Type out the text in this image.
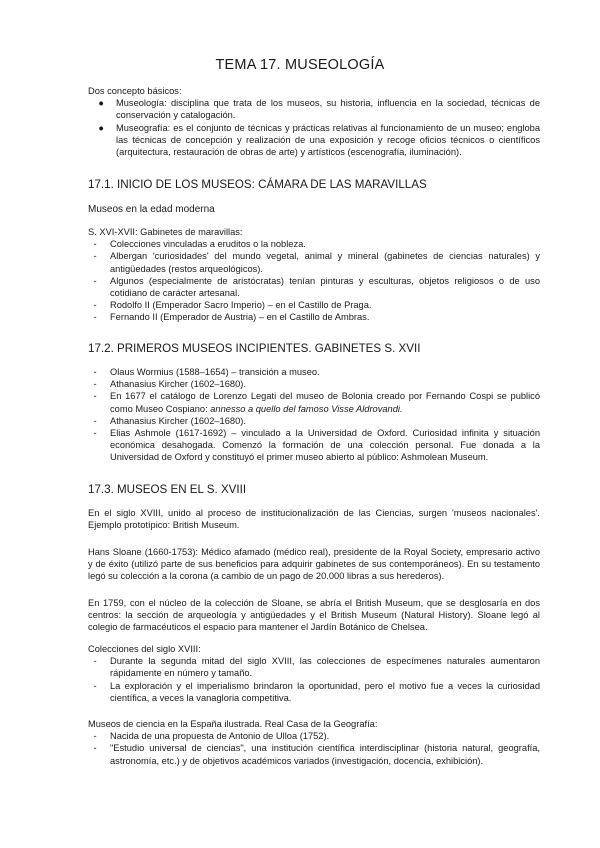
TEMA 17. MUSEOLOGÍA

Dos concepto básicos:

●	Museología: disciplina que trata de los museos, su historia, influencia en la sociedad, técnicas de conservación y catalogación.
●	Museografía: es el conjunto de técnicas y prácticas relativas al funcionamiento de un museo; engloba las técnicas de concepción y realización de una exposición y recoge oficios técnicos o científicos (arquitectura, restauración de obras de arte) y artísticos (escenografía, iluminación).
17.1. INICIO DE LOS MUSEOS: CÁMARA DE LAS MARAVILLAS
Museos en la edad moderna

S. XVI-XVII: Gabinetes de maravillas:

-	Colecciones vinculadas a eruditos o la nobleza.
-	Albergan 'curiosidades' del mundo vegetal, animal y mineral (gabinetes de ciencias naturales) y antigüedades (restos arqueológicos).
-	Algunos (especialmente de aristócratas) tenían pinturas y esculturas, objetos religiosos o de uso cotidiano de carácter artesanal.
-	Rodolfo II (Emperador Sacro Imperio) – en el Castillo de Praga.
-	Fernando II (Emperador de Austria) – en el Castillo de Ambras.
17.2. PRIMEROS MUSEOS INCIPIENTES. GABINETES S. XVII
-	Olaus Wormius (1588–1654) – transición a museo.
-	Athanasius Kircher (1602–1680).
-	En 1677 el catálogo de Lorenzo Legati del museo de Bolonia creado por Fernando Cospi se publicó como Museo Cospiano: annesso a quello del famoso Visse Aldrovandi.
-	Athanasius Kircher (1602–1680).
-	Elias Ashmole (1617-1692) – vinculado a la Universidad de Oxford. Curiosidad infinita y situación económica desahogada. Comenzó la formación de una colección personal. Fue donada a la Universidad de Oxford y constituyó el primer museo abierto al público: Ashmolean Museum.
17.3. MUSEOS EN EL S. XVIII
En el siglo XVIII, unido al proceso de institucionalización de las Ciencias, surgen 'museos nacionales'. Ejemplo prototípico: British Museum.
Hans Sloane (1660-1753): Médico afamado (médico real), presidente de la Royal Society, empresario activo y de éxito (utilizó parte de sus beneficios para adquirir gabinetes de sus contemporáneos). En su testamento legó su colección a la corona (a cambio de un pago de 20.000 libras a sus herederos).
En 1759, con el núcleo de la colección de Sloane, se abría el British Museum, que se desglosaría en dos centros: la sección de arqueología y antigüedades y el British Museum (Natural History). Sloane legó al colegio de farmacéuticos el espacio para mantener el Jardín Botánico de Chelsea.

Colecciones del siglo XVIII:

-	Durante la segunda mitad del siglo XVIII, las colecciones de especímenes naturales aumentaron rápidamente en número y tamaño.
-	La exploración y el imperialismo brindaron la oportunidad, pero el motivo fue a veces la curiosidad científica, a veces la vanagloria competitiva.

Museos de ciencia en la España ilustrada. Real Casa de la Geografía:

-	Nacida de una propuesta de Antonio de Ulloa (1752).
-	"Estudio universal de ciencias", una institución científica interdisciplinar (historia natural, geografía, astronomía, etc.) y de objetivos académicos variados (investigación, docencia, exhibición).
